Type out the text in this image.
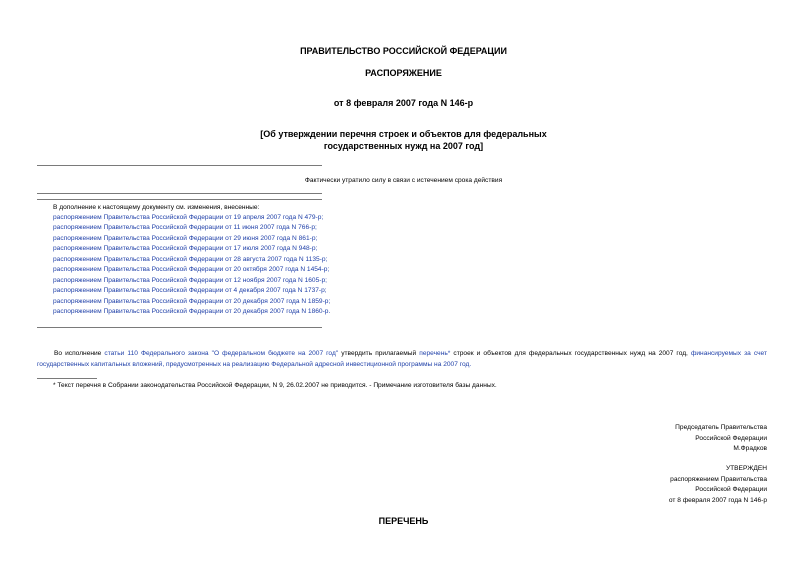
ПРАВИТЕЛЬСТВО РОССИЙСКОЙ ФЕДЕРАЦИИ
РАСПОРЯЖЕНИЕ
от 8 февраля 2007 года N 146-р
[Об утверждении перечня строек и объектов для федеральных
государственных нужд на 2007 год]
Фактически утратило силу в связи с истечением срока действия
В дополнение к настоящему документу см. изменения, внесенные:
распоряжением Правительства Российской Федерации от 19 апреля 2007 года N 479-р;
распоряжением Правительства Российской Федерации от 11 июня 2007 года N 766-р;
распоряжением Правительства Российской Федерации от 29 июня 2007 года N 861-р;
распоряжением Правительства Российской Федерации от 17 июля 2007 года N 948-р;
распоряжением Правительства Российской Федерации от 28 августа 2007 года N 1135-р;
распоряжением Правительства Российской Федерации от 20 октября 2007 года N 1454-р;
распоряжением Правительства Российской Федерации от 12 ноября 2007 года N 1605-р;
распоряжением Правительства Российской Федерации от 4 декабря 2007 года N 1737-р;
распоряжением Правительства Российской Федерации от 20 декабря 2007 года N 1859-р;
распоряжением Правительства Российской Федерации от 20 декабря 2007 года N 1860-р.
Во исполнение статьи 110 Федерального закона "О федеральном бюджете на 2007 год" утвердить прилагаемый перечень* строек и объектов для федеральных государственных нужд на 2007 год, финансируемых за счет государственных капитальных вложений, предусмотренных на реализацию Федеральной адресной инвестиционной программы на 2007 год.
* Текст перечня в Собрании законодательства Российской Федерации, N 9, 26.02.2007 не приводится. - Примечание изготовителя базы данных.
Председатель Правительства
Российской Федерации
М.Фрадков
УТВЕРЖДЕН
распоряжением Правительства
Российской Федерации
от 8 февраля 2007 года N 146-р
ПЕРЕЧЕНЬ
